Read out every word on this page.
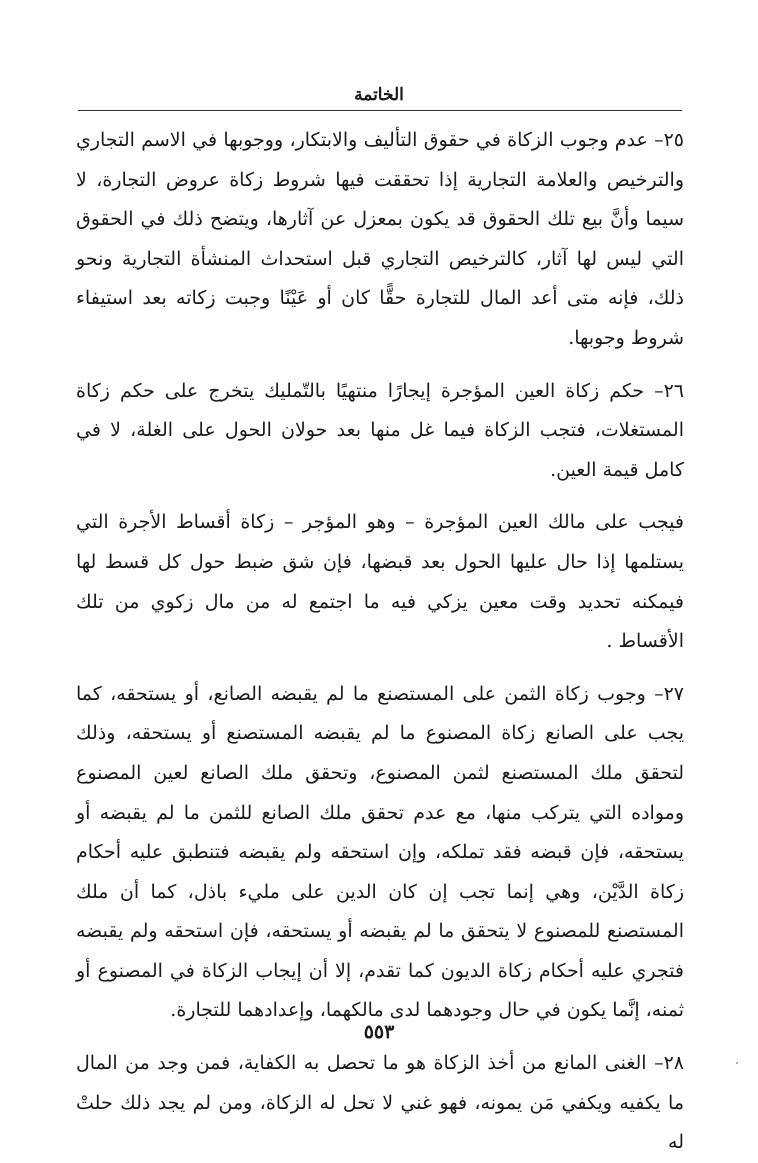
الخاتمة

٢٥– عدم وجوب الزكاة في حقوق التأليف والابتكار، ووجوبها في الاسم التجاري والترخيص والعلامة التجارية إذا تحققت فيها شروط زكاة عروض التجارة، لا سيما وأنَّ بيع تلك الحقوق قد يكون بمعزل عن آثارها، ويتضح ذلك في الحقوق التي ليس لها آثار، كالترخيص التجاري قبل استحداث المنشأة التجارية ونحو ذلك، فإنه متى أعد المال للتجارة حقًّا كان أو عَيْنًا وجبت زكاته بعد استيفاء شروط وجوبها.

٢٦– حكم زكاة العين المؤجرة إيجارًا منتهيًا بالتّمليك يتخرج على حكم زكاة المستغلات، فتجب الزكاة فيما غل منها بعد حولان الحول على الغلة، لا في كامل قيمة العين.

فيجب على مالك العين المؤجرة – وهو المؤجر – زكاة أقساط الأجرة التي يستلمها إذا حال عليها الحول بعد قبضها، فإن شق ضبط حول كل قسط لها فيمكنه تحديد وقت معين يزكي فيه ما اجتمع له من مال زكوي من تلك الأقساط .

٢٧– وجوب زكاة الثمن على المستصنع ما لم يقبضه الصانع، أو يستحقه، كما يجب على الصانع زكاة المصنوع ما لم يقبضه المستصنع أو يستحقه، وذلك لتحقق ملك المستصنع لثمن المصنوع، وتحقق ملك الصانع لعين المصنوع ومواده التي يتركب منها، مع عدم تحقق ملك الصانع للثمن ما لم يقبضه أو يستحقه، فإن قبضه فقد تملكه، وإن استحقه ولم يقبضه فتنطبق عليه أحكام زكاة الدَّيْن، وهي إنما تجب إن كان الدين على مليء باذل، كما أن ملك المستصنع للمصنوع لا يتحقق ما لم يقبضه أو يستحقه، فإن استحقه ولم يقبضه فتجري عليه أحكام زكاة الديون كما تقدم، إلا أن إيجاب الزكاة في المصنوع أو ثمنه، إنَّما يكون في حال وجودهما لدى مالكهما، وإعدادهما للتجارة.

٢٨– الغنى المانع من أخذ الزكاة هو ما تحصل به الكفاية، فمن وجد من المال ما يكفيه ويكفي مَن يمونه، فهو غني لا تحل له الزكاة، ومن لم يجد ذلك حلتْ له

٥٥٣
